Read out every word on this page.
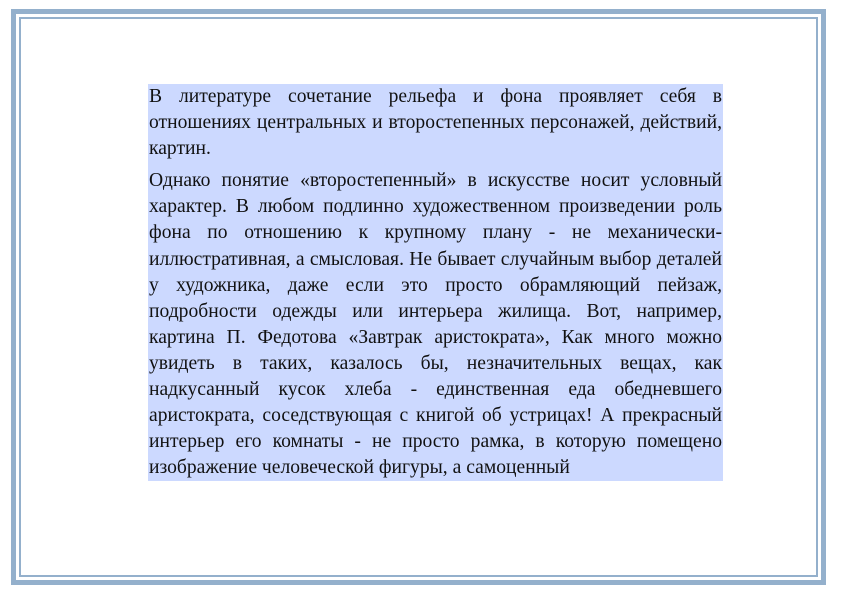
В литературе сочетание рельефа и фона проявляет себя в отношениях центральных и второстепенных персонажей, действий, картин.

Однако понятие «второстепенный» в искусстве носит условный характер. В любом подлинно художественном произведении роль фона по отношению к крупному плану - не механически-иллюстративная, а смысловая. Не бывает случайным выбор деталей у художника, даже если это просто обрамляющий пейзаж, подробности одежды или интерьера жилища. Вот, например, картина П. Федотова «Завтрак аристократа», Как много можно увидеть в таких, казалось бы, незначительных вещах, как надкусанный кусок хлеба - единственная еда обедневшего аристократа, соседствующая с книгой об устрицах! А прекрасный интерьер его комнаты - не просто рамка, в которую помещено изображение человеческой фигуры, а самоценный
